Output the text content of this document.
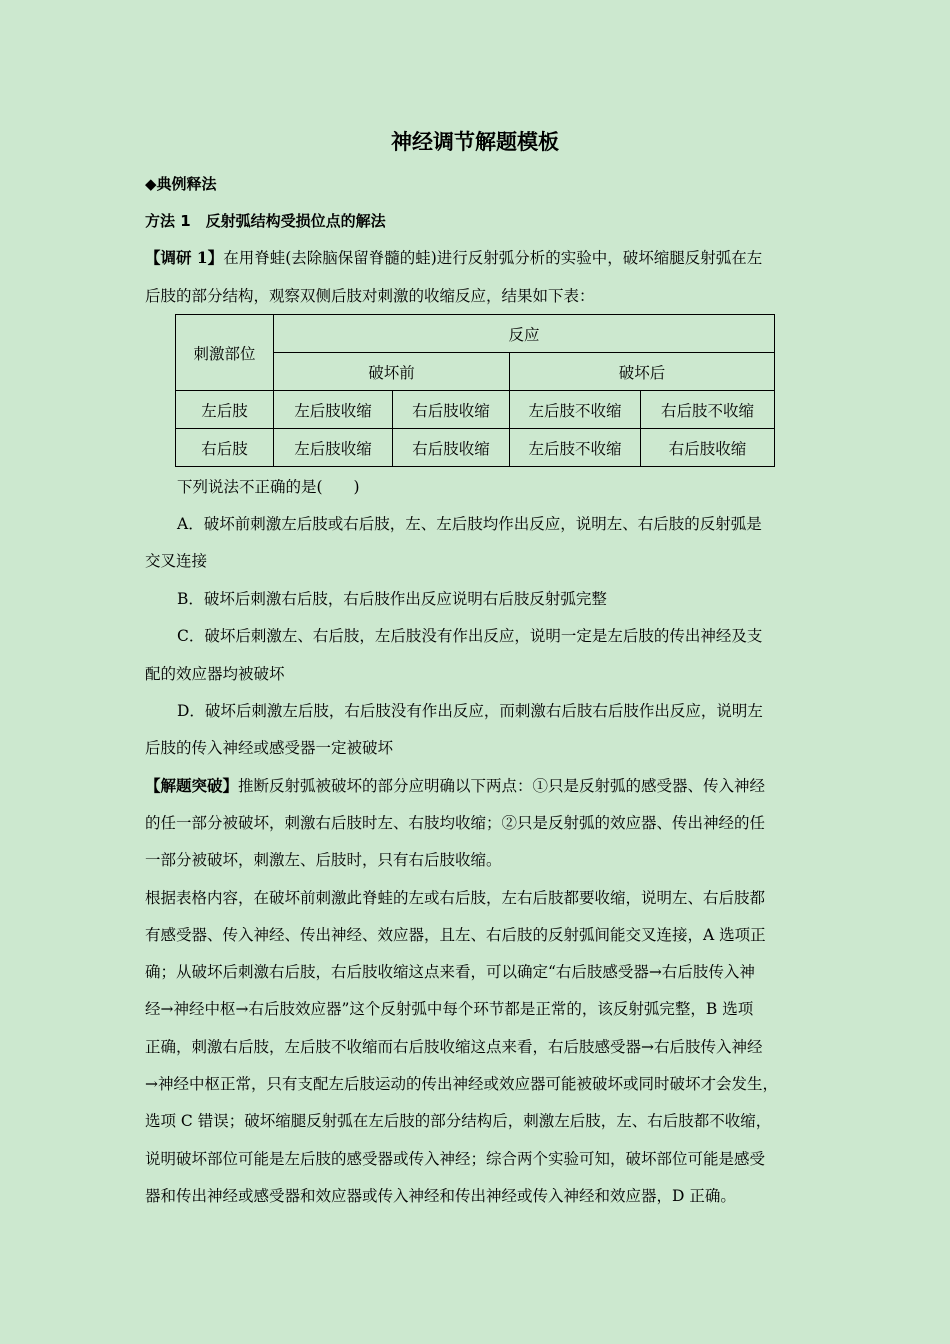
神经调节解题模板
◆典例释法
方法 1　反射弧结构受损位点的解法
【调研 1】在用脊蛙(去除脑保留脊髓的蛙)进行反射弧分析的实验中，破坏缩腿反射弧在左
后肢的部分结构，观察双侧后肢对刺激的收缩反应，结果如下表：
刺激部位	反应			
	破坏前		破坏后	
左后肢	左后肢收缩	右后肢收缩	左后肢不收缩	右后肢不收缩
右后肢	左后肢收缩	右后肢收缩	左后肢不收缩	右后肢收缩
下列说法不正确的是(　　)
A．破坏前刺激左后肢或右后肢，左、左后肢均作出反应，说明左、右后肢的反射弧是
交叉连接
B．破坏后刺激右后肢，右后肢作出反应说明右后肢反射弧完整
C．破坏后刺激左、右后肢，左后肢没有作出反应，说明一定是左后肢的传出神经及支
配的效应器均被破坏
D．破坏后刺激左后肢，右后肢没有作出反应，而刺激右后肢右后肢作出反应，说明左
后肢的传入神经或感受器一定被破坏
【解题突破】推断反射弧被破坏的部分应明确以下两点：①只是反射弧的感受器、传入神经
的任一部分被破坏，刺激右后肢时左、右肢均收缩；②只是反射弧的效应器、传出神经的任
一部分被破坏，刺激左、后肢时，只有右后肢收缩。
根据表格内容，在破坏前刺激此脊蛙的左或右后肢，左右后肢都要收缩，说明左、右后肢都
有感受器、传入神经、传出神经、效应器，且左、右后肢的反射弧间能交叉连接，A 选项正
确；从破坏后刺激右后肢，右后肢收缩这点来看，可以确定“右后肢感受器→右后肢传入神
经→神经中枢→右后肢效应器”这个反射弧中每个环节都是正常的，该反射弧完整，B 选项
正确，刺激右后肢，左后肢不收缩而右后肢收缩这点来看，右后肢感受器→右后肢传入神经
→神经中枢正常，只有支配左后肢运动的传出神经或效应器可能被破坏或同时破坏才会发生，
选项 C 错误；破坏缩腿反射弧在左后肢的部分结构后，刺激左后肢，左、右后肢都不收缩，
说明破坏部位可能是左后肢的感受器或传入神经；综合两个实验可知，破坏部位可能是感受
器和传出神经或感受器和效应器或传入神经和传出神经或传入神经和效应器，D 正确。
